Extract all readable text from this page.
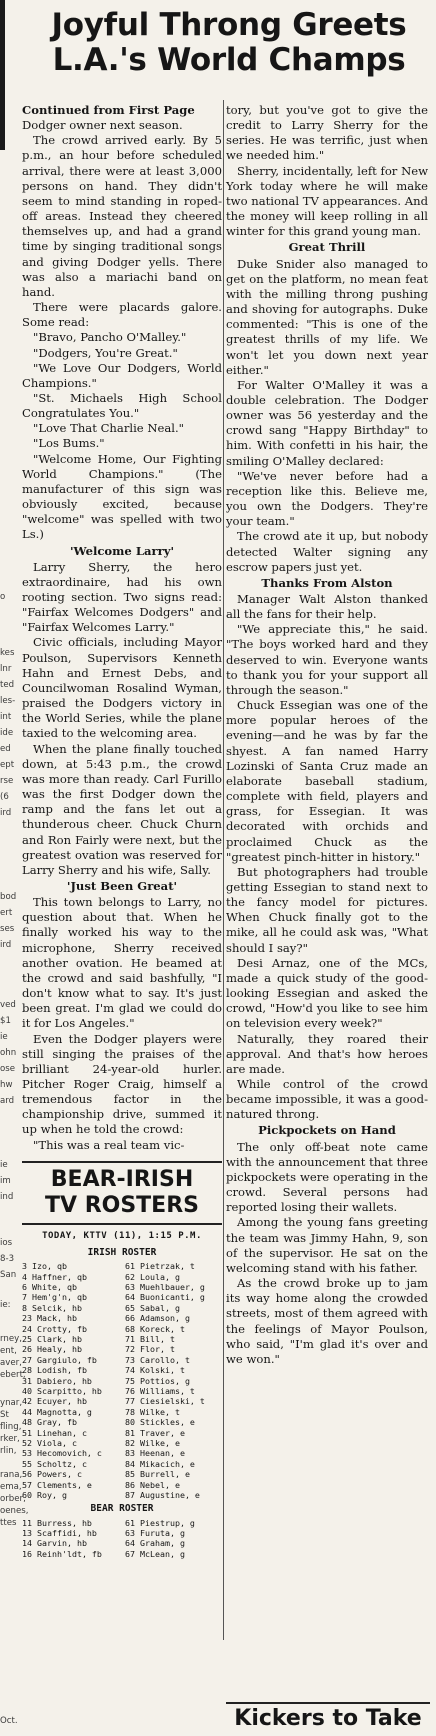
o
kes
lnr
ted
les-
int
ide
ed
ept
rse
(6
ird
bod
ert
ses
ird
ved
$1
ie
ohn
ose
hw
ard
ie
im
ind
ios
8-3
San
ie:
rney,
ent,
aver,
ebert,
ynar,
St
fling,
rker,
rlin,
rana,
ema,
orber,
oenes,
ttes
Oct.
Joyful Throng Greets
L.A.'s World Champs

Continued from First Page

Dodger owner next season.

The crowd arrived early. By 5 p.m., an hour before scheduled arrival, there were at least 3,000 persons on hand. They didn't seem to mind standing in roped-off areas. Instead they cheered themselves up, and had a grand time by singing traditional songs and giving Dodger yells. There was also a mariachi band on hand.

There were placards galore. Some read:

"Bravo, Pancho O'Malley."

"Dodgers, You're Great."

"We Love Our Dodgers, World Champions."

"St. Michaels High School Congratulates You."

"Love That Charlie Neal."

"Los Bums."

"Welcome Home, Our Fighting World Champions." (The manufacturer of this sign was obviously excited, because "welcome" was spelled with two Ls.)

'Welcome Larry'

Larry Sherry, the hero extraordinaire, had his own rooting section. Two signs read: "Fairfax Welcomes Dodgers" and "Fairfax Welcomes Larry."

Civic officials, including Mayor Poulson, Supervisors Kenneth Hahn and Ernest Debs, and Councilwoman Rosalind Wyman, praised the Dodgers victory in the World Series, while the plane taxied to the welcoming area.

When the plane finally touched down, at 5:43 p.m., the crowd was more than ready. Carl Furillo was the first Dodger down the ramp and the fans let out a thunderous cheer. Chuck Churn and Ron Fairly were next, but the greatest ovation was reserved for Larry Sherry and his wife, Sally.

'Just Been Great'

This town belongs to Larry, no question about that. When he finally worked his way to the microphone, Sherry received another ovation. He beamed at the crowd and said bashfully, "I don't know what to say. It's just been great. I'm glad we could do it for Los Angeles."

Even the Dodger players were still singing the praises of the brilliant 24-year-old hurler. Pitcher Roger Craig, himself a tremendous factor in the championship drive, summed it up when he told the crowd:

"This was a real team vic-

BEAR-IRISH
TV ROSTERS
TODAY, KTTV (11), 1:15 P.M.
IRISH ROSTER
3 Izo, qb	61 Pietrzak, t
4 Haffner, qb	62 Loula, g
6 White, qb	63 Muehlbauer, g
7 Hem'g'n, qb	64 Buonicanti, g
8 Selcik, hb	65 Sabal, g
23 Mack, hb	66 Adamson, g
24 Crotty, fb	68 Koreck, t
25 Clark, hb	71 Bill, t
26 Healy, hb	72 Flor, t
27 Gargiulo, fb	73 Carollo, t
28 Lodish, fb	74 Kolski, t
31 Dabiero, hb	75 Pottios, g
40 Scarpitto, hb	76 Williams, t
42 Ecuyer, hb	77 Ciesielski, t
44 Magnotta, g	78 Wilke, t
48 Gray, fb	80 Stickles, e
51 Linehan, c	81 Traver, e
52 Viola, c	82 Wilke, e
53 Hecomovich, c	83 Heenan, e
55 Scholtz, c	84 Mikacich, e
56 Powers, c	85 Burrell, e
57 Clements, e	86 Nebel, e
60 Roy, g	87 Augustine, e
BEAR ROSTER
11 Burress, hb	61 Piestrup, g
13 Scaffidi, hb	63 Furuta, g
14 Garvin, hb	64 Graham, g
16 Reinh'ldt, fb	67 McLean, g

tory, but you've got to give the credit to Larry Sherry for the series. He was terrific, just when we needed him."

Sherry, incidentally, left for New York today where he will make two national TV appearances. And the money will keep rolling in all winter for this grand young man.

Great Thrill

Duke Snider also managed to get on the platform, no mean feat with the milling throng pushing and shoving for autographs. Duke commented: "This is one of the greatest thrills of my life. We won't let you down next year either."

For Walter O'Malley it was a double celebration. The Dodger owner was 56 yesterday and the crowd sang "Happy Birthday" to him. With confetti in his hair, the smiling O'Malley declared:

"We've never before had a reception like this. Believe me, you own the Dodgers. They're your team."

The crowd ate it up, but nobody detected Walter signing any escrow papers just yet.

Thanks From Alston

Manager Walt Alston thanked all the fans for their help.

"We appreciate this," he said. "The boys worked hard and they deserved to win. Everyone wants to thank you for your support all through the season."

Chuck Essegian was one of the more popular heroes of the evening—and he was by far the shyest. A fan named Harry Lozinski of Santa Cruz made an elaborate baseball stadium, complete with field, players and grass, for Essegian. It was decorated with orchids and proclaimed Chuck as the "greatest pinch-hitter in history."

But photographers had trouble getting Essegian to stand next to the fancy model for pictures. When Chuck finally got to the mike, all he could ask was, "What should I say?"

Desi Arnaz, one of the MCs, made a quick study of the good-looking Essegian and asked the crowd, "How'd you like to see him on television every week?"

Naturally, they roared their approval. And that's how heroes are made.

While control of the crowd became impossible, it was a good-natured throng.

Pickpockets on Hand

The only off-beat note came with the announcement that three pickpockets were operating in the crowd. Several persons had reported losing their wallets.

Among the young fans greeting the team was Jimmy Hahn, 9, son of the supervisor. He sat on the welcoming stand with his father.

As the crowd broke up to jam its way home along the crowded streets, most of them agreed with the feelings of Mayor Poulson, who said, "I'm glad it's over and we won."

Kickers to Take
